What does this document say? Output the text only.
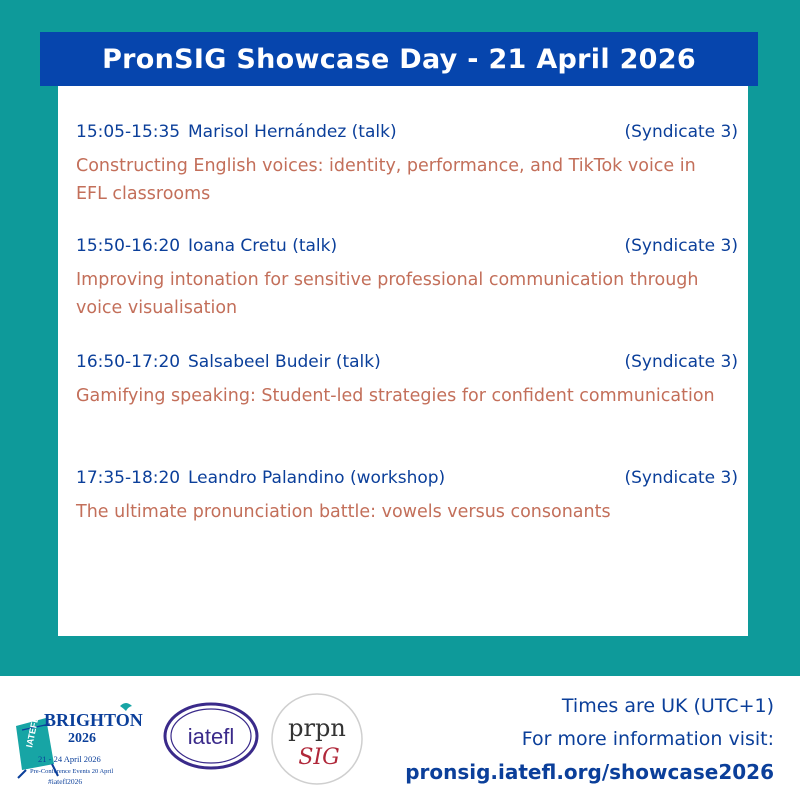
PronSIG Showcase Day - 21 April 2026
15:05-15:35 Marisol Hernández (talk)	(Syndicate 3)
Constructing English voices: identity, performance, and TikTok voice in EFL classrooms
15:50-16:20 Ioana Cretu (talk)	(Syndicate 3)
Improving intonation for sensitive professional communication through voice visualisation
16:50-17:20 Salsabeel Budeir (talk)	(Syndicate 3)
Gamifying speaking: Student-led strategies for confident communication
17:35-18:20 Leandro Palandino (workshop)	(Syndicate 3)
The ultimate pronunciation battle: vowels versus consonants
IATEFL BRIGHTON
2026
21 - 24 April 2026
Pre-Conference Events 20 April
#iatefl2026
iatefl prpn
SIG
Times are UK (UTC+1)
For more information visit:
pronsig.iatefl.org/showcase2026
